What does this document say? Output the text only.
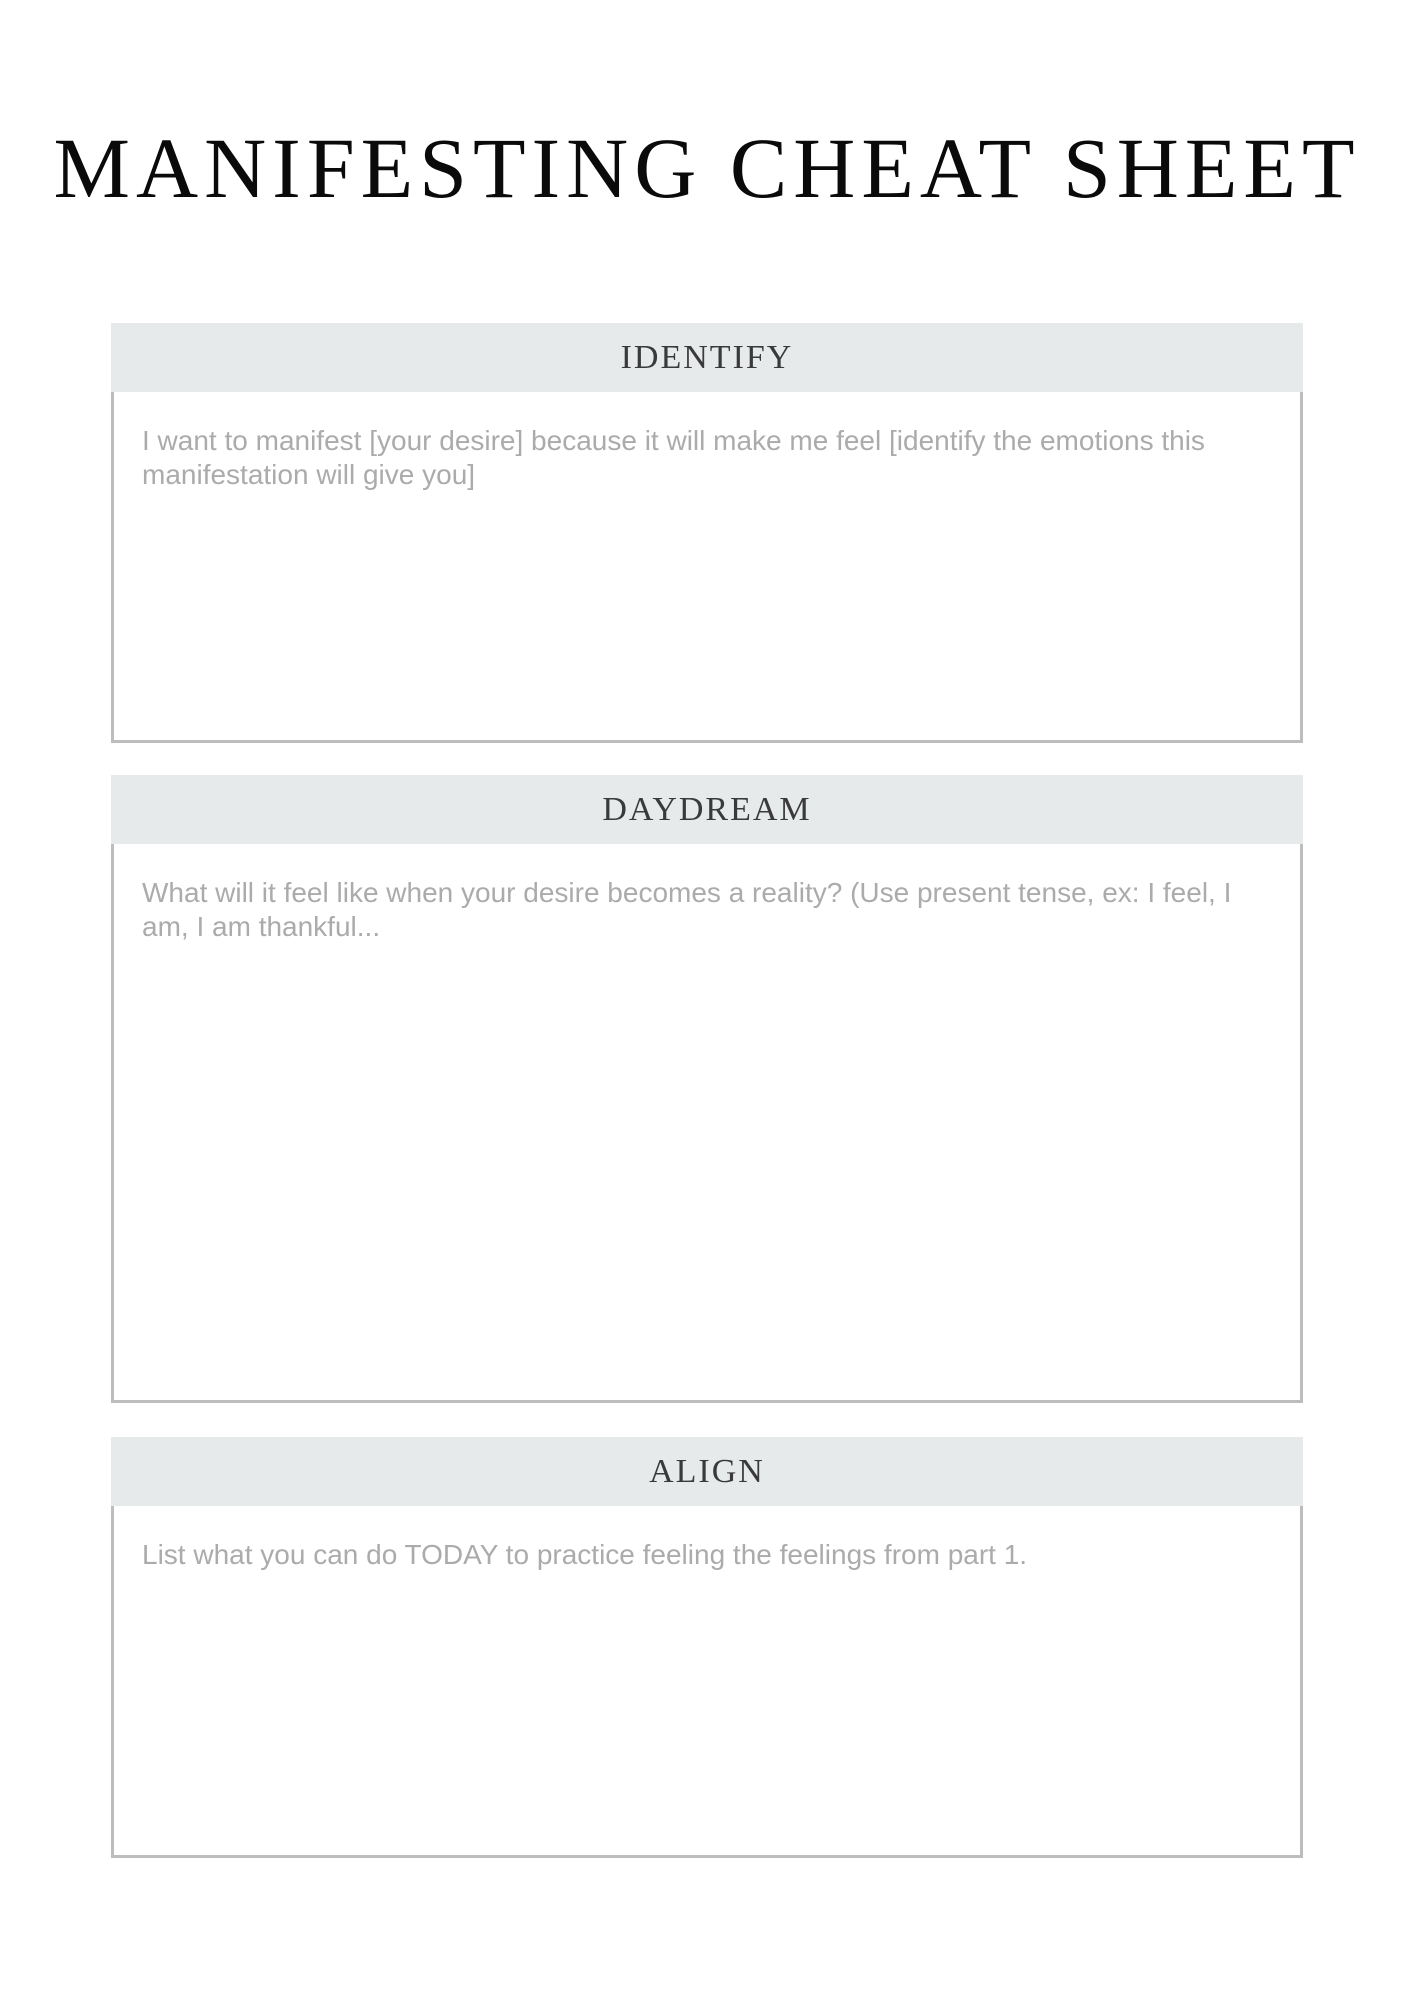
MANIFESTING CHEAT SHEET
IDENTIFY
I want to manifest [your desire] because it will make me feel [identify the emotions this manifestation will give you]
DAYDREAM
What will it feel like when your desire becomes a reality? (Use present tense, ex: I feel, I am, I am thankful...
ALIGN
List what you can do TODAY to practice feeling the feelings from part 1.
